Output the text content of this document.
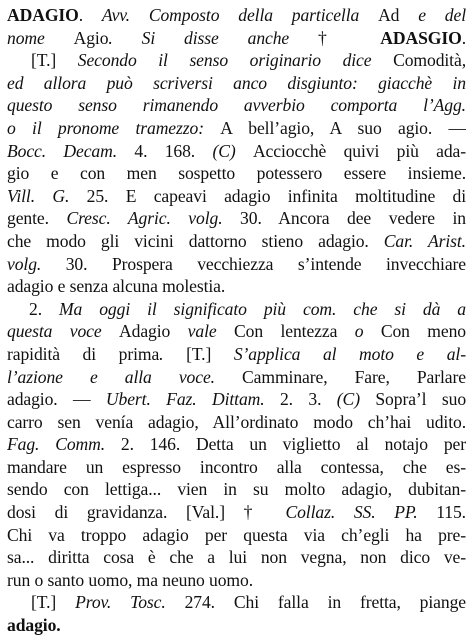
ADAGIO. Avv. Composto della particella Ad e del
nome Agio. Si disse anche † ADASGIO.
[T.] Secondo il senso originario dice Comodità,
ed allora può scriversi anco disgiunto: giacchè in
questo senso rimanendo avverbio comporta l’Agg.
o il pronome tramezzo: A bell’agio, A suo agio. —
Bocc. Decam. 4. 168. (C) Acciocchè quivi più ada-
gio e con men sospetto potessero essere insieme.
Vill. G. 25. E capeavi adagio infinita moltitudine di
gente. Cresc. Agric. volg. 30. Ancora dee vedere in
che modo gli vicini dattorno stieno adagio. Car. Arist.
volg. 30. Prospera vecchiezza s’intende invecchiare
adagio e senza alcuna molestia.
2. Ma oggi il significato più com. che si dà a
questa voce Adagio vale Con lentezza o Con meno
rapidità di prima. [T.] S’applica al moto e al-
l’azione e alla voce. Camminare, Fare, Parlare
adagio. — Ubert. Faz. Dittam. 2. 3. (C) Sopra’l suo
carro sen venía adagio, All’ordinato modo ch’hai udito.
Fag. Comm. 2. 146. Detta un viglietto al notajo per
mandare un espresso incontro alla contessa, che es-
sendo con lettiga... vien in su molto adagio, dubitan-
dosi di gravidanza. [Val.] † Collaz. SS. PP. 115.
Chi va troppo adagio per questa via ch’egli ha pre-
sa... diritta cosa è che a lui non vegna, non dico ve-
run o santo uomo, ma neuno uomo.
[T.] Prov. Tosc. 274. Chi falla in fretta, piange
adagio.
